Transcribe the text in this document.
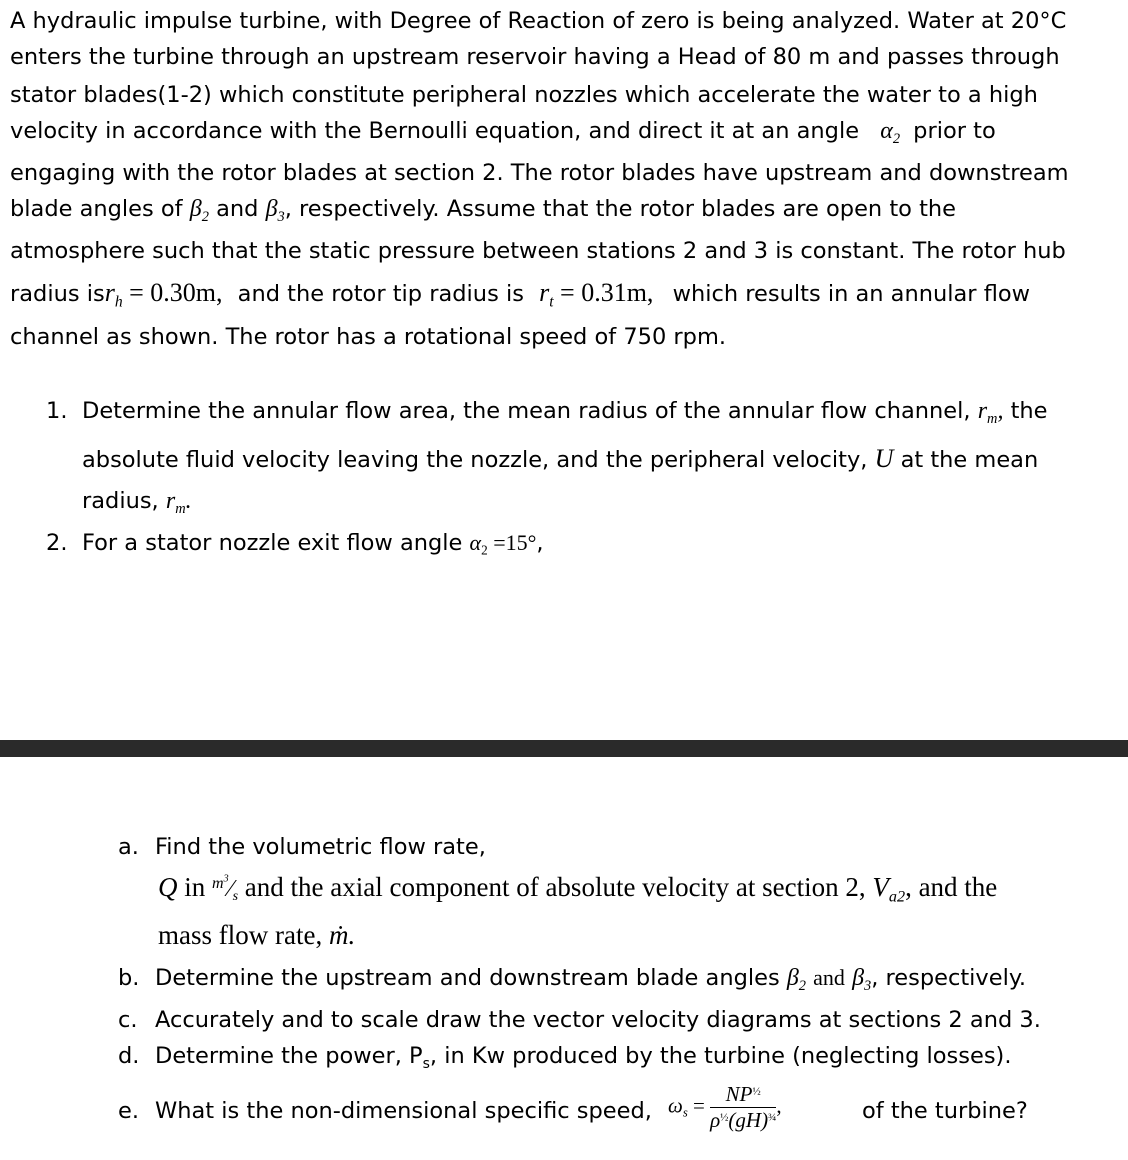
A hydraulic impulse turbine, with Degree of Reaction of zero is being analyzed. Water at 20°C
enters the turbine through an upstream reservoir having a Head of 80 m and passes through
stator blades(1-2) which constitute peripheral nozzles which accelerate the water to a high
velocity in accordance with the Bernoulli equation, and direct it at an angle $\alpha_2$ prior to
engaging with the rotor blades at section 2. The rotor blades have upstream and downstream
blade angles of $\beta_2$ and $\beta_3$, respectively. Assume that the rotor blades are open to the
atmosphere such that the static pressure between stations 2 and 3 is constant. The rotor hub
radius isr$_h$ = 0.30m, and the rotor tip radius is $r_t = 0.31m$, which results in an annular flow
channel as shown. The rotor has a rotational speed of 750 rpm.
1. Determine the annular flow area, the mean radius of the annular flow channel, $r_m$, the
absolute fluid velocity leaving the nozzle, and the peripheral velocity, U at the mean
radius, $r_m$.
2. For a stator nozzle exit flow angle $\alpha_2 =15^\circ$,
a. Find the volumetric flow rate,
Q in $^{m^3}$⁄s and the axial component of absolute velocity at section 2, $V_{a2}$, and the
mass flow rate, ṁ.
b. Determine the upstream and downstream blade angles $\beta_2$ and $\beta_3$, respectively.
c. Accurately and to scale draw the vector velocity diagrams at sections 2 and 3.
d. Determine the power, $P_s$, in Kw produced by the turbine (neglecting losses).
e. What is the non-dimensional specific speed, $\omega_s = \frac{NP^{\frac{1}{2}}}{\rho^{\frac{1}{2}}(gH)^{\frac{3}{4}}}$ ,	of the turbine?
